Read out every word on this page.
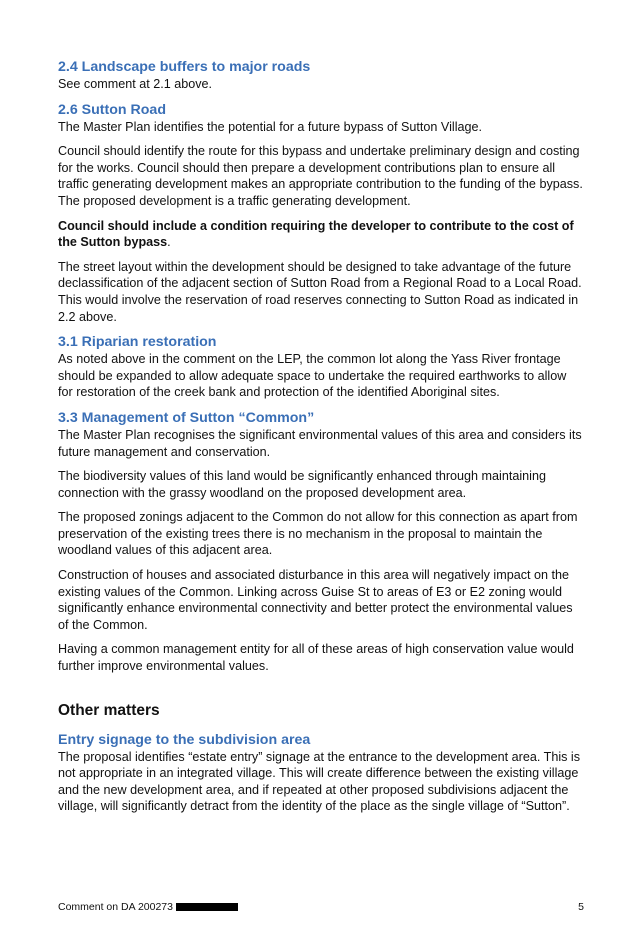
2.4 Landscape buffers to major roads

See comment at 2.1 above.

2.6 Sutton Road

The Master Plan identifies the potential for a future bypass of Sutton Village.

Council should identify the route for this bypass and undertake preliminary design and costing for the works. Council should then prepare a development contributions plan to ensure all traffic generating development makes an appropriate contribution to the funding of the bypass. The proposed development is a traffic generating development.

Council should include a condition requiring the developer to contribute to the cost of the Sutton bypass.

The street layout within the development should be designed to take advantage of the future declassification of the adjacent section of Sutton Road from a Regional Road to a Local Road. This would involve the reservation of road reserves connecting to Sutton Road as indicated in 2.2 above.

3.1 Riparian restoration

As noted above in the comment on the LEP, the common lot along the Yass River frontage should be expanded to allow adequate space to undertake the required earthworks to allow for restoration of the creek bank and protection of the identified Aboriginal sites.

3.3 Management of Sutton “Common”

The Master Plan recognises the significant environmental values of this area and considers its future management and conservation.

The biodiversity values of this land would be significantly enhanced through maintaining connection with the grassy woodland on the proposed development area.

The proposed zonings adjacent to the Common do not allow for this connection as apart from preservation of the existing trees there is no mechanism in the proposal to maintain the woodland values of this adjacent area.

Construction of houses and associated disturbance in this area will negatively impact on the existing values of the Common. Linking across Guise St to areas of E3 or E2 zoning would significantly enhance environmental connectivity and better protect the environmental values of the Common.

Having a common management entity for all of these areas of high conservation value would further improve environmental values.

Other matters
Entry signage to the subdivision area

The proposal identifies “estate entry” signage at the entrance to the development area. This is not appropriate in an integrated village. This will create difference between the existing village and the new development area, and if repeated at other proposed subdivisions adjacent the village, will significantly detract from the identity of the place as the single village of “Sutton”.

Comment on DA 200273	5
